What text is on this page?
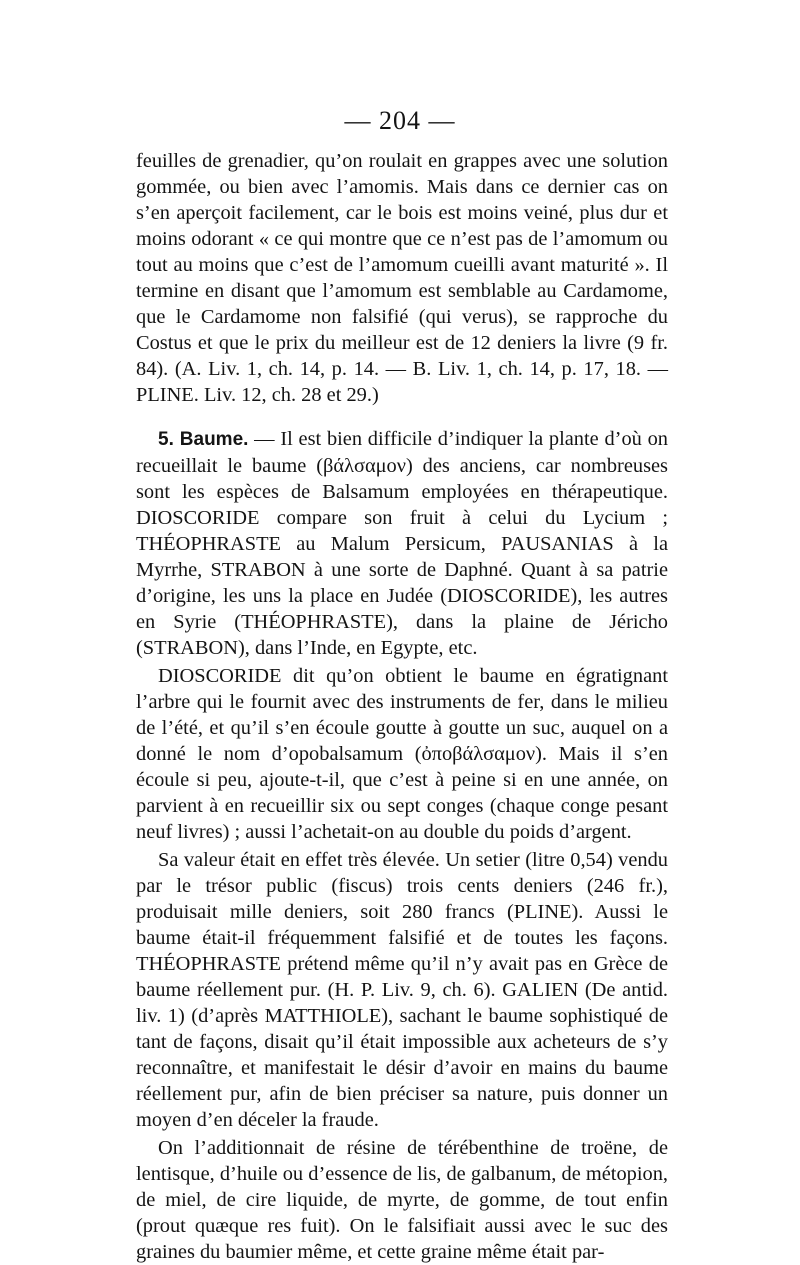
— 204 —

feuilles de grenadier, qu’on roulait en grappes avec une solution gommée, ou bien avec l’amomis. Mais dans ce dernier cas on s’en aperçoit facilement, car le bois est moins veiné, plus dur et moins odorant « ce qui montre que ce n’est pas de l’amomum ou tout au moins que c’est de l’amomum cueilli avant maturité ». Il termine en disant que l’amomum est semblable au Cardamome, que le Cardamome non falsifié (qui verus), se rapproche du Costus et que le prix du meilleur est de 12 deniers la livre (9 fr. 84). (A. Liv. 1, ch. 14, p. 14. — B. Liv. 1, ch. 14, p. 17, 18. — PLINE. Liv. 12, ch. 28 et 29.)

5. Baume. — Il est bien difficile d’indiquer la plante d’où on recueillait le baume (βάλσαμον) des anciens, car nombreuses sont les espèces de Balsamum employées en thérapeutique. DIOSCORIDE compare son fruit à celui du Lycium ; THÉOPHRASTE au Malum Persicum, PAUSANIAS à la Myrrhe, STRABON à une sorte de Daphné. Quant à sa patrie d’origine, les uns la place en Judée (DIOSCORIDE), les autres en Syrie (THÉOPHRASTE), dans la plaine de Jéricho (STRABON), dans l’Inde, en Egypte, etc.

DIOSCORIDE dit qu’on obtient le baume en égratignant l’arbre qui le fournit avec des instruments de fer, dans le milieu de l’été, et qu’il s’en écoule goutte à goutte un suc, auquel on a donné le nom d’opobalsamum (ὀποβάλσαμον). Mais il s’en écoule si peu, ajoute-t-il, que c’est à peine si en une année, on parvient à en recueillir six ou sept conges (chaque conge pesant neuf livres) ; aussi l’achetait-on au double du poids d’argent.

Sa valeur était en effet très élevée. Un setier (litre 0,54) vendu par le trésor public (fiscus) trois cents deniers (246 fr.), produisait mille deniers, soit 280 francs (PLINE). Aussi le baume était-il fréquemment falsifié et de toutes les façons. THÉOPHRASTE prétend même qu’il n’y avait pas en Grèce de baume réellement pur. (H. P. Liv. 9, ch. 6). GALIEN (De antid. liv. 1) (d’après MATTHIOLE), sachant le baume sophistiqué de tant de façons, disait qu’il était impossible aux acheteurs de s’y reconnaître, et manifestait le désir d’avoir en mains du baume réellement pur, afin de bien préciser sa nature, puis donner un moyen d’en déceler la fraude.

On l’additionnait de résine de térébenthine de troëne, de lentisque, d’huile ou d’essence de lis, de galbanum, de métopion, de miel, de cire liquide, de myrte, de gomme, de tout enfin (prout quæque res fuit). On le falsifiait aussi avec le suc des graines du baumier même, et cette graine même était par-
